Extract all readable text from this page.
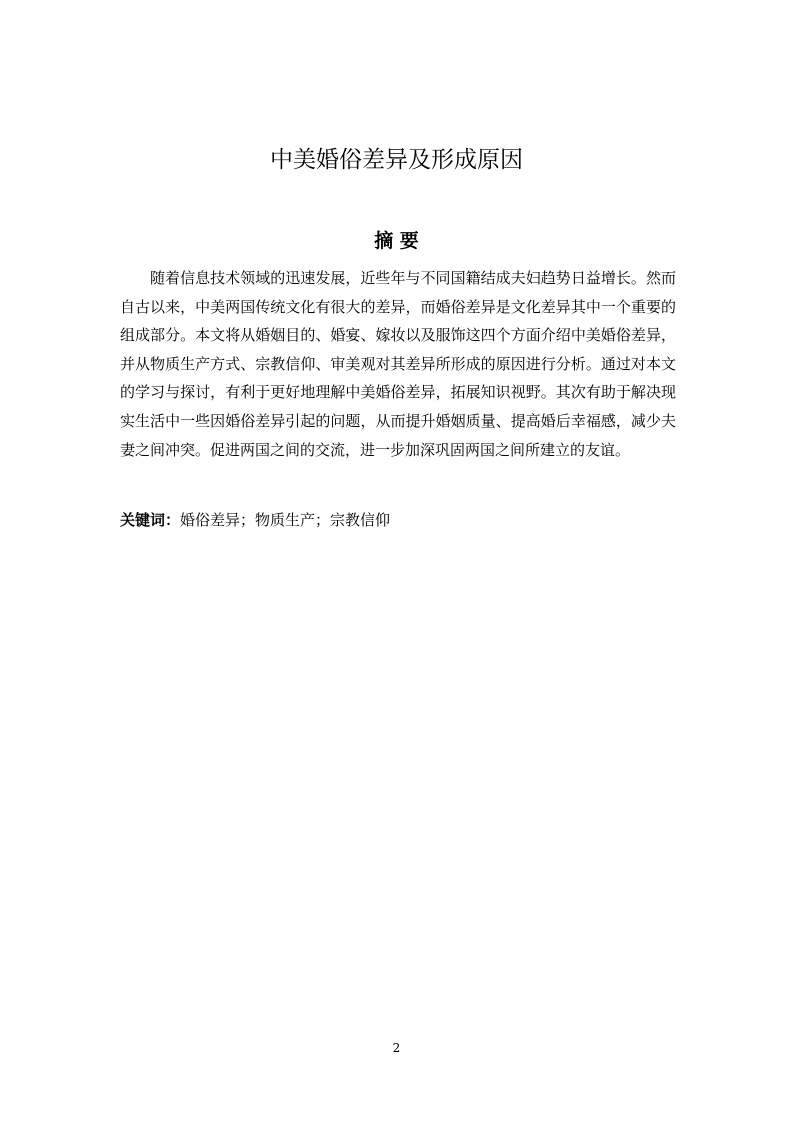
中美婚俗差异及形成原因
摘 要

随着信息技术领域的迅速发展，近些年与不同国籍结成夫妇趋势日益增长。然而自古以来，中美两国传统文化有很大的差异，而婚俗差异是文化差异其中一个重要的组成部分。本文将从婚姻目的、婚宴、嫁妆以及服饰这四个方面介绍中美婚俗差异，并从物质生产方式、宗教信仰、审美观对其差异所形成的原因进行分析。通过对本文的学习与探讨，有利于更好地理解中美婚俗差异，拓展知识视野。其次有助于解决现实生活中一些因婚俗差异引起的问题，从而提升婚姻质量、提高婚后幸福感，减少夫妻之间冲突。促进两国之间的交流，进一步加深巩固两国之间所建立的友谊。

关键词：婚俗差异；物质生产；宗教信仰

2
